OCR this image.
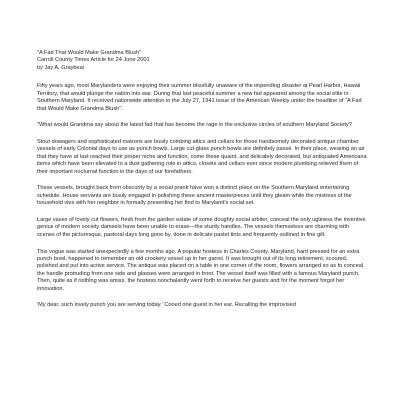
"A Fad That Would Make Grandma Blush"
Carroll County Times Article for 24 June 2001
by Jay A. Graybeal

Fifty years ago, most Marylanders were enjoying their summer blissfully unaware of the impending disaster at Pearl Harbor, Hawaii Territory, that would plunge the nation into war. During that last peaceful summer a new fad appeared among the social elite in Southern Maryland. It received nationwide attention in the July 27, 1941 issue of the American Weekly under the headline of "A Fad that Would Make Grandma Blush":

"What would Grandma say about the latest fad that has become the rage in the exclusive circles of southern Maryland Society?

Stout dowagers and sophisticated matrons are busily combing attics and cellars for those handsomely decorated antique chamber vessels of early Colonial days to use as punch bowls. Large cut-glass punch bowls are definitely passé. In their place, wearing an air that they have at last reached their proper niche and function, come these quaint, and delicately decorated, but antiquated Americana items which have been elevated to a dust gathering role in attics, closets and cellars ever since modern plumbing relieved them of their important nocturnal function in the days of our forefathers.

These vessels, brought back from obscurity by a social prank have won a distinct place on the Southern Maryland entertaining schedule. House servants are busily engaged in polishing these ancient masterpieces until they gleam while the mistress of the household vies with her neighbor in formally presenting her find to Maryland's social set.

Large vases of lovely cut flowers, fresh from the garden estate of some doughty social arbiter, conceal the only ugliness the inventive genius of modern society damsels have been unable to erase—the sturdy handles. The vessels themselves are charming with scenes of the picturesque, pastoral days long gone by, done in delicate pastel tints and frequently outlined in fine gilt.

This vogue was started unexpectedly a few months ago. A popular hostess in Charles County, Maryland, hard pressed for an extra punch bowl, happened to remember an old crockery vessel up in her garret. It was brought out of its long retirement, scoured, polished and put into active service. The antique was placed on a table in one corner of the room, flowers arranged so as to conceal the handle protruding from one side and glasses were arranged in front. The vessel itself was filled with a famous Maryland punch. Then, quite as if nothing was amiss, the hostess nonchalantly went forth to receive her guests and for the moment forgot her innovation.

'My dear, such lovely punch you are serving today.' Cooed one guest in her ear. Recalling the improvised
